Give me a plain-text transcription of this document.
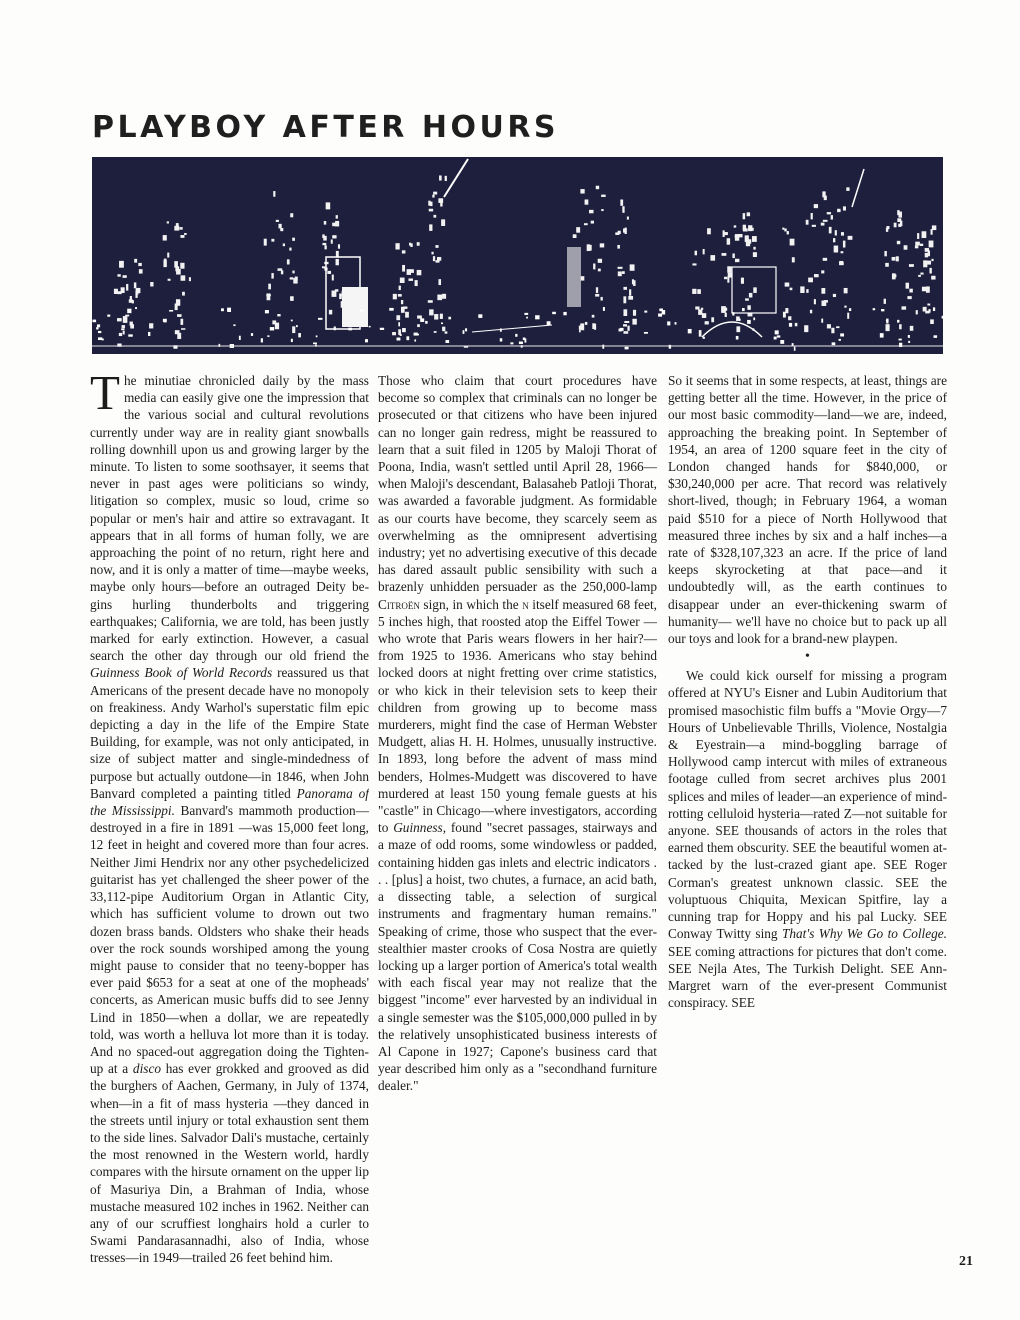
PLAYBOY AFTER HOURS

The minutiae chronicled daily by the mass media can easily give one the impression that the various social and cultural revolutions currently under way are in reality giant snowballs rolling downhill upon us and growing larger by the minute. To listen to some soothsayer, it seems that never in past ages were politicians so windy, litigation so complex, music so loud, crime so popular or men's hair and attire so extravagant. It appears that in all forms of human folly, we are approaching the point of no return, right here and now, and it is only a matter of time—maybe weeks, maybe only hours—before an outraged Deity begins hurling thunderbolts and triggering earthquakes; California, we are told, has been justly marked for early extinction. However, a casual search the other day through our old friend the Guinness Book of World Records reassured us that Americans of the present decade have no monopoly on freakiness. Andy Warhol's superstatic film epic depicting a day in the life of the Empire State Building, for example, was not only anticipated, in size of subject matter and single-mindedness of purpose but actually outdone—in 1846, when John Banvard completed a painting titled Panorama of the Mississippi. Banvard's mammoth production—destroyed in a fire in 1891 —was 15,000 feet long, 12 feet in height and covered more than four acres. Neither Jimi Hendrix nor any other psychedelicized guitarist has yet challenged the sheer power of the 33,112-pipe Auditorium Organ in Atlantic City, which has sufficient volume to drown out two dozen brass bands. Oldsters who shake their heads over the rock sounds worshiped among the young might pause to consider that no teeny-bopper has ever paid $653 for a seat at one of the mopheads' concerts, as American music buffs did to see Jenny Lind in 1850—when a dollar, we are repeatedly told, was worth a helluva lot more than it is today. And no spaced-out aggregation doing the Tighten-up at a disco has ever grokked and grooved as did the burghers of Aachen, Germany, in July of 1374, when—in a fit of mass hysteria —they danced in the streets until injury or total exhaustion sent them to the side lines. Salvador Dali's mustache, certainly the most renowned in the Western world, hardly compares with the hirsute ornament on the upper lip of Masuriya Din, a Brahman of India, whose mustache measured 102 inches in 1962. Neither can any of our scruffiest longhairs hold a curler to Swami Pandarasannadhi, also of India, whose tresses—in 1949—trailed 26 feet behind him.

Those who claim that court procedures have become so complex that criminals can no longer be prosecuted or that citizens who have been injured can no longer gain redress, might be reassured to learn that a suit filed in 1205 by Maloji Thorat of Poona, India, wasn't settled until April 28, 1966—when Maloji's descendant, Balasaheb Patloji Thorat, was awarded a favorable judgment. As formidable as our courts have become, they scarcely seem as overwhelming as the omnipresent advertising industry; yet no advertising executive of this decade has dared assault public sensibility with such a brazenly unhidden persuader as the 250,000-lamp Citroën sign, in which the n itself measured 68 feet, 5 inches high, that roosted atop the Eiffel Tower —who wrote that Paris wears flowers in her hair?—from 1925 to 1936. Americans who stay behind locked doors at night fretting over crime statistics, or who kick in their television sets to keep their children from growing up to become mass murderers, might find the case of Herman Webster Mudgett, alias H. H. Holmes, unusually instructive. In 1893, long before the advent of mass mind benders, Holmes-Mudgett was discovered to have murdered at least 150 young female guests at his "castle" in Chicago—where investigators, according to Guinness, found "secret passages, stairways and a maze of odd rooms, some windowless or padded, containing hidden gas inlets and electric indicators . . . [plus] a hoist, two chutes, a furnace, an acid bath, a dissecting table, a selection of surgical instruments and fragmentary human remains." Speaking of crime, those who suspect that the ever-stealthier master crooks of Cosa Nostra are quietly locking up a larger portion of America's total wealth with each fiscal year may not realize that the biggest "income" ever harvested by an individual in a single semester was the $105,000,000 pulled in by the relatively unsophisticated business interests of Al Capone in 1927; Capone's business card that year described him only as a "secondhand furniture dealer."

So it seems that in some respects, at least, things are getting better all the time. However, in the price of our most basic commodity—land—we are, indeed, approaching the breaking point. In September of 1954, an area of 1200 square feet in the city of London changed hands for $840,000, or $30,240,000 per acre. That record was relatively short-lived, though; in February 1964, a woman paid $510 for a piece of North Hollywood that measured three inches by six and a half inches—a rate of $328,107,323 an acre. If the price of land keeps skyrocketing at that pace—and it undoubtedly will, as the earth continues to disappear under an ever-thickening swarm of humanity— we'll have no choice but to pack up all our toys and look for a brand-new playpen.

•

We could kick ourself for missing a program offered at NYU's Eisner and Lubin Auditorium that promised masochistic film buffs a "Movie Orgy—7 Hours of Unbelievable Thrills, Violence, Nostalgia & Eyestrain—a mind-boggling barrage of Hollywood camp intercut with miles of extraneous footage culled from secret archives plus 2001 splices and miles of leader—an experience of mind-rotting celluloid hysteria—rated Z—not suitable for anyone. SEE thousands of actors in the roles that earned them obscurity. SEE the beautiful women attacked by the lust-crazed giant ape. SEE Roger Corman's greatest unknown classic. SEE the voluptuous Chiquita, Mexican Spitfire, lay a cunning trap for Hoppy and his pal Lucky. SEE Conway Twitty sing That's Why We Go to College. SEE coming attractions for pictures that don't come. SEE Nejla Ates, The Turkish Delight. SEE Ann-Margret warn of the ever-present Communist conspiracy. SEE

21
